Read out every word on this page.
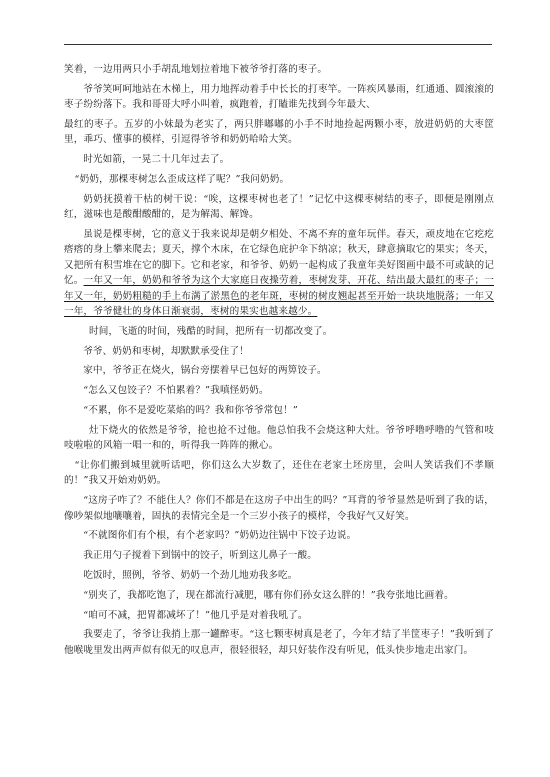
笑着，一边用两只小手胡乱地划拉着地下被爷爷打落的枣子。

爷爷笑呵呵地站在木梯上，用力地挥动着手中长长的打枣竿。一阵疾风暴雨，红通通、圆滚滚的枣子纷纷落下。我和哥哥大呼小叫着，疯跑着，打瞌谁先找到今年最大、

最红的枣子。五岁的小妹最为老实了，两只胖嘟嘟的小手不时地捡起两颗小枣，放进奶奶的大枣筐里，乖巧、懂事的模样，引逗得爷爷和奶奶哈哈大笑。

时光如箭，一晃二十几年过去了。

“奶奶，那棵枣树怎么歪成这样了呢？”我问奶奶。

奶奶抚摸着干枯的树干说：“唉，这棵枣树也老了！”记忆中这棵枣树结的枣子，即便是刚刚点红，滋味也是酸酣酸酣的，是为解渴、解馋。

虽说是棵枣树，它的意义于我来说却是朝夕相处、不离不弃的童年玩伴。春天，顽皮地在它疙疙瘩瘩的身上攀来爬去；夏天，撑个木床，在它绿色庇护伞下纳凉；秋天，肆意摘取它的果实；冬天，又把所有积雪堆在它的脚下。它和老家，和爷爷、奶奶一起构成了我童年美好图画中最不可或缺的记忆。一年又一年，奶奶和爷爷为这个大家庭日夜操劳着，枣树发芽、开花、结出最大最红的枣子；一年又一年，奶奶粗糙的手上布满了淤黑色的老年斑，枣树的树皮翘起甚至开始一块块地脱落；一年又一年，爷爷健壮的身体日渐衰弱，枣树的果实也越来越少。

时间，飞逝的时间，残酷的时间，把所有一切都改变了。

爷爷、奶奶和枣树，却默默承受住了！

家中，爷爷正在烧火，锅台旁摆着早已包好的两箅饺子。

“怎么又包饺子？不怕累着？”我嗔怪奶奶。

“不累，你不是爱吃菜焰的吗？我和你爷爷常包！”

灶下烧火的依然是爷爷，抢也抢不过他。他总怕我不会烧这种大灶。爷爷呼噜呼噜的气管和吱吱啦啦的风箱一唱一和的，听得我一阵阵的揪心。

“让你们搬到城里就听话吧，你们这么大岁数了，还住在老家土坯房里，会叫人笑话我们不孝顺的！”我又开始劝奶奶。

“这房子咋了？不能住人？你们不都是在这房子中出生的吗？”耳背的爷爷显然是听到了我的话，像吵架似地嚷嚷着，固执的表情完全是一个三岁小孩子的模样，令我好气又好笑。

“不就图你们有个根，有个老家吗？”奶奶边往锅中下饺子边说。

我正用勺子搅着下到锅中的饺子，听到这儿鼻子一酸。

吃饭时，照例，爷爷、奶奶一个劲儿地劝我多吃。

“别夹了，我都吃饱了，现在都流行减肥，哪有你们孙女这么胖的！”我夸张地比画着。

“咱可不减，把胃都减坏了！”他几乎是对着我吼了。

我要走了，爷爷让我捎上那一罐醉枣。“这七颗枣树真是老了，今年才结了半筐枣子！”我听到了他喉咙里发出两声似有似无的叹息声，很轻很轻，却只好装作没有听见，低头快步地走出家门。
